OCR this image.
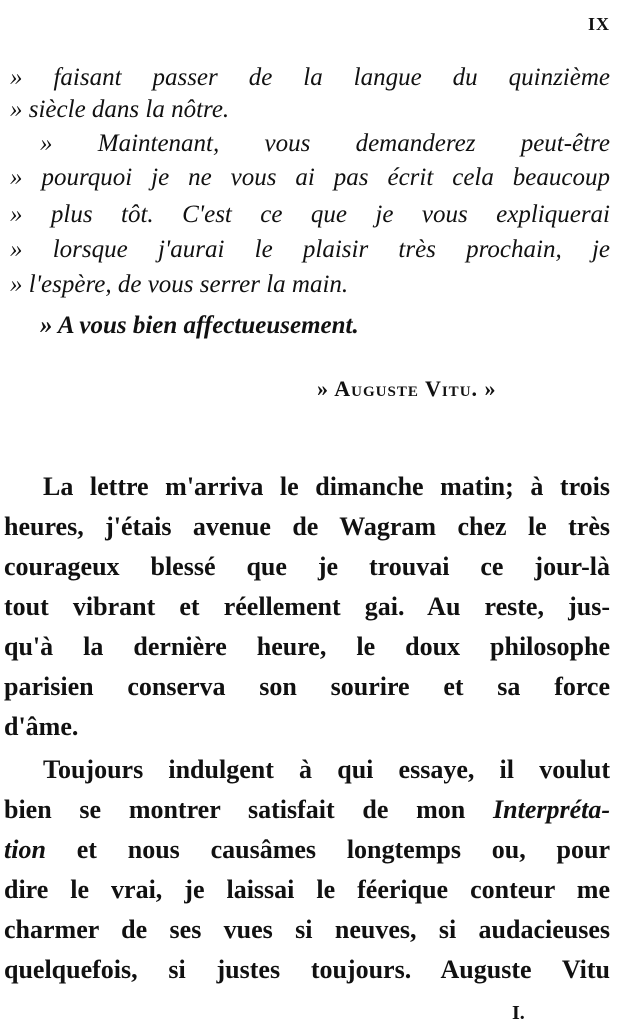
IX
» faisant passer de la langue du quinzième
» siècle dans la nôtre.
» Maintenant, vous demanderez peut-être
» pourquoi je ne vous ai pas écrit cela beaucoup
» plus tôt. C'est ce que je vous expliquerai
» lorsque j'aurai le plaisir très prochain, je
» l'espère, de vous serrer la main.
» A vous bien affectueusement.
» Auguste Vitu. »
La lettre m'arriva le dimanche matin; à trois
heures, j'étais avenue de Wagram chez le très
courageux blessé que je trouvai ce jour-là
tout vibrant et réellement gai. Au reste, jus-
qu'à la dernière heure, le doux philosophe
parisien conserva son sourire et sa force
d'âme.
Toujours indulgent à qui essaye, il voulut
bien se montrer satisfait de mon Interpréta-
tion et nous causâmes longtemps ou, pour
dire le vrai, je laissai le féerique conteur me
charmer de ses vues si neuves, si audacieuses
quelquefois, si justes toujours. Auguste Vitu
I.
